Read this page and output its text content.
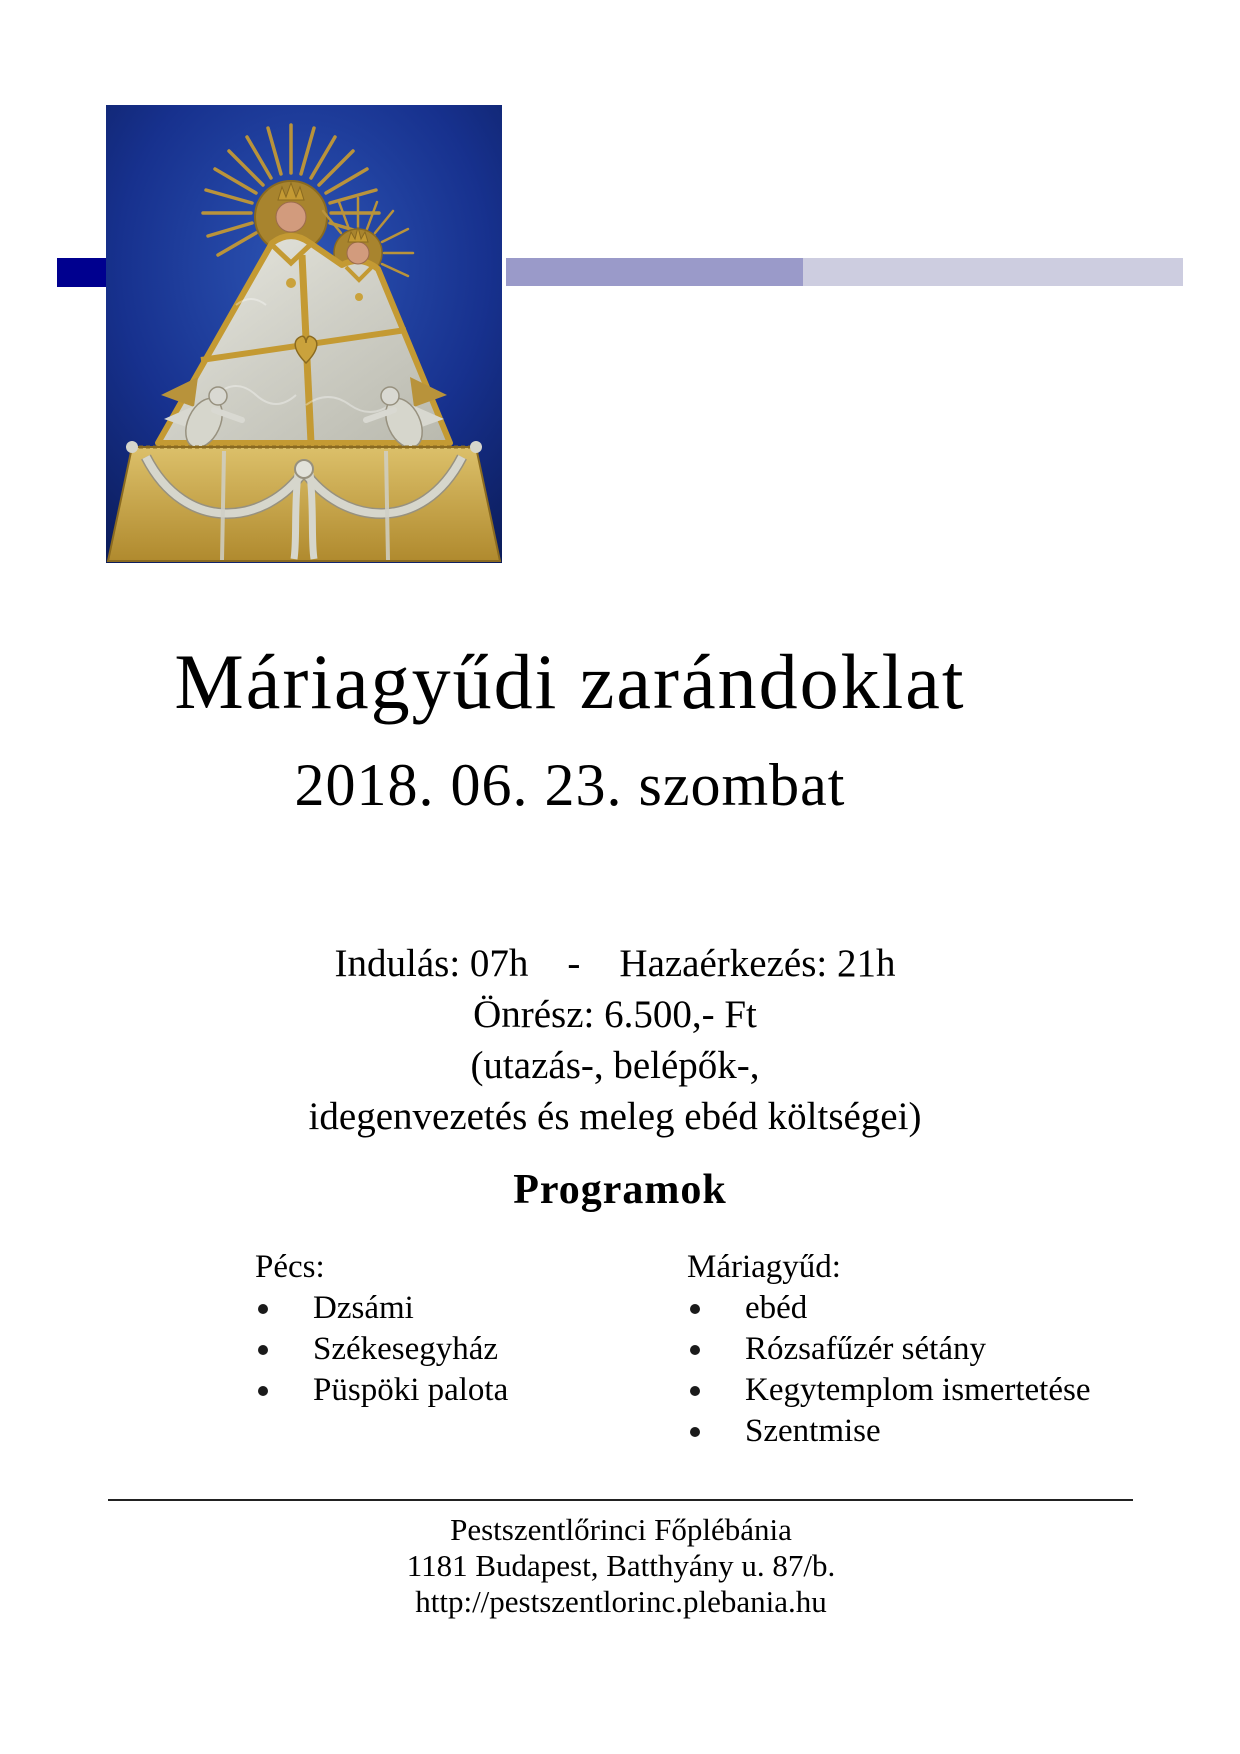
Máriagyűdi zarándoklat
2018. 06. 23. szombat
Indulás: 07h    -    Hazaérkezés: 21h
Önrész: 6.500,- Ft
(utazás-, belépők-,
idegenvezetés és meleg ebéd költségei)
Programok
Pécs:
Dzsámi
Székesegyház
Püspöki palota
Máriagyűd:
ebéd
Rózsafűzér sétány
Kegytemplom ismertetése
Szentmise
Pestszentlőrinci Főplébánia
1181 Budapest, Batthyány u. 87/b.
http://pestszentlorinc.plebania.hu
